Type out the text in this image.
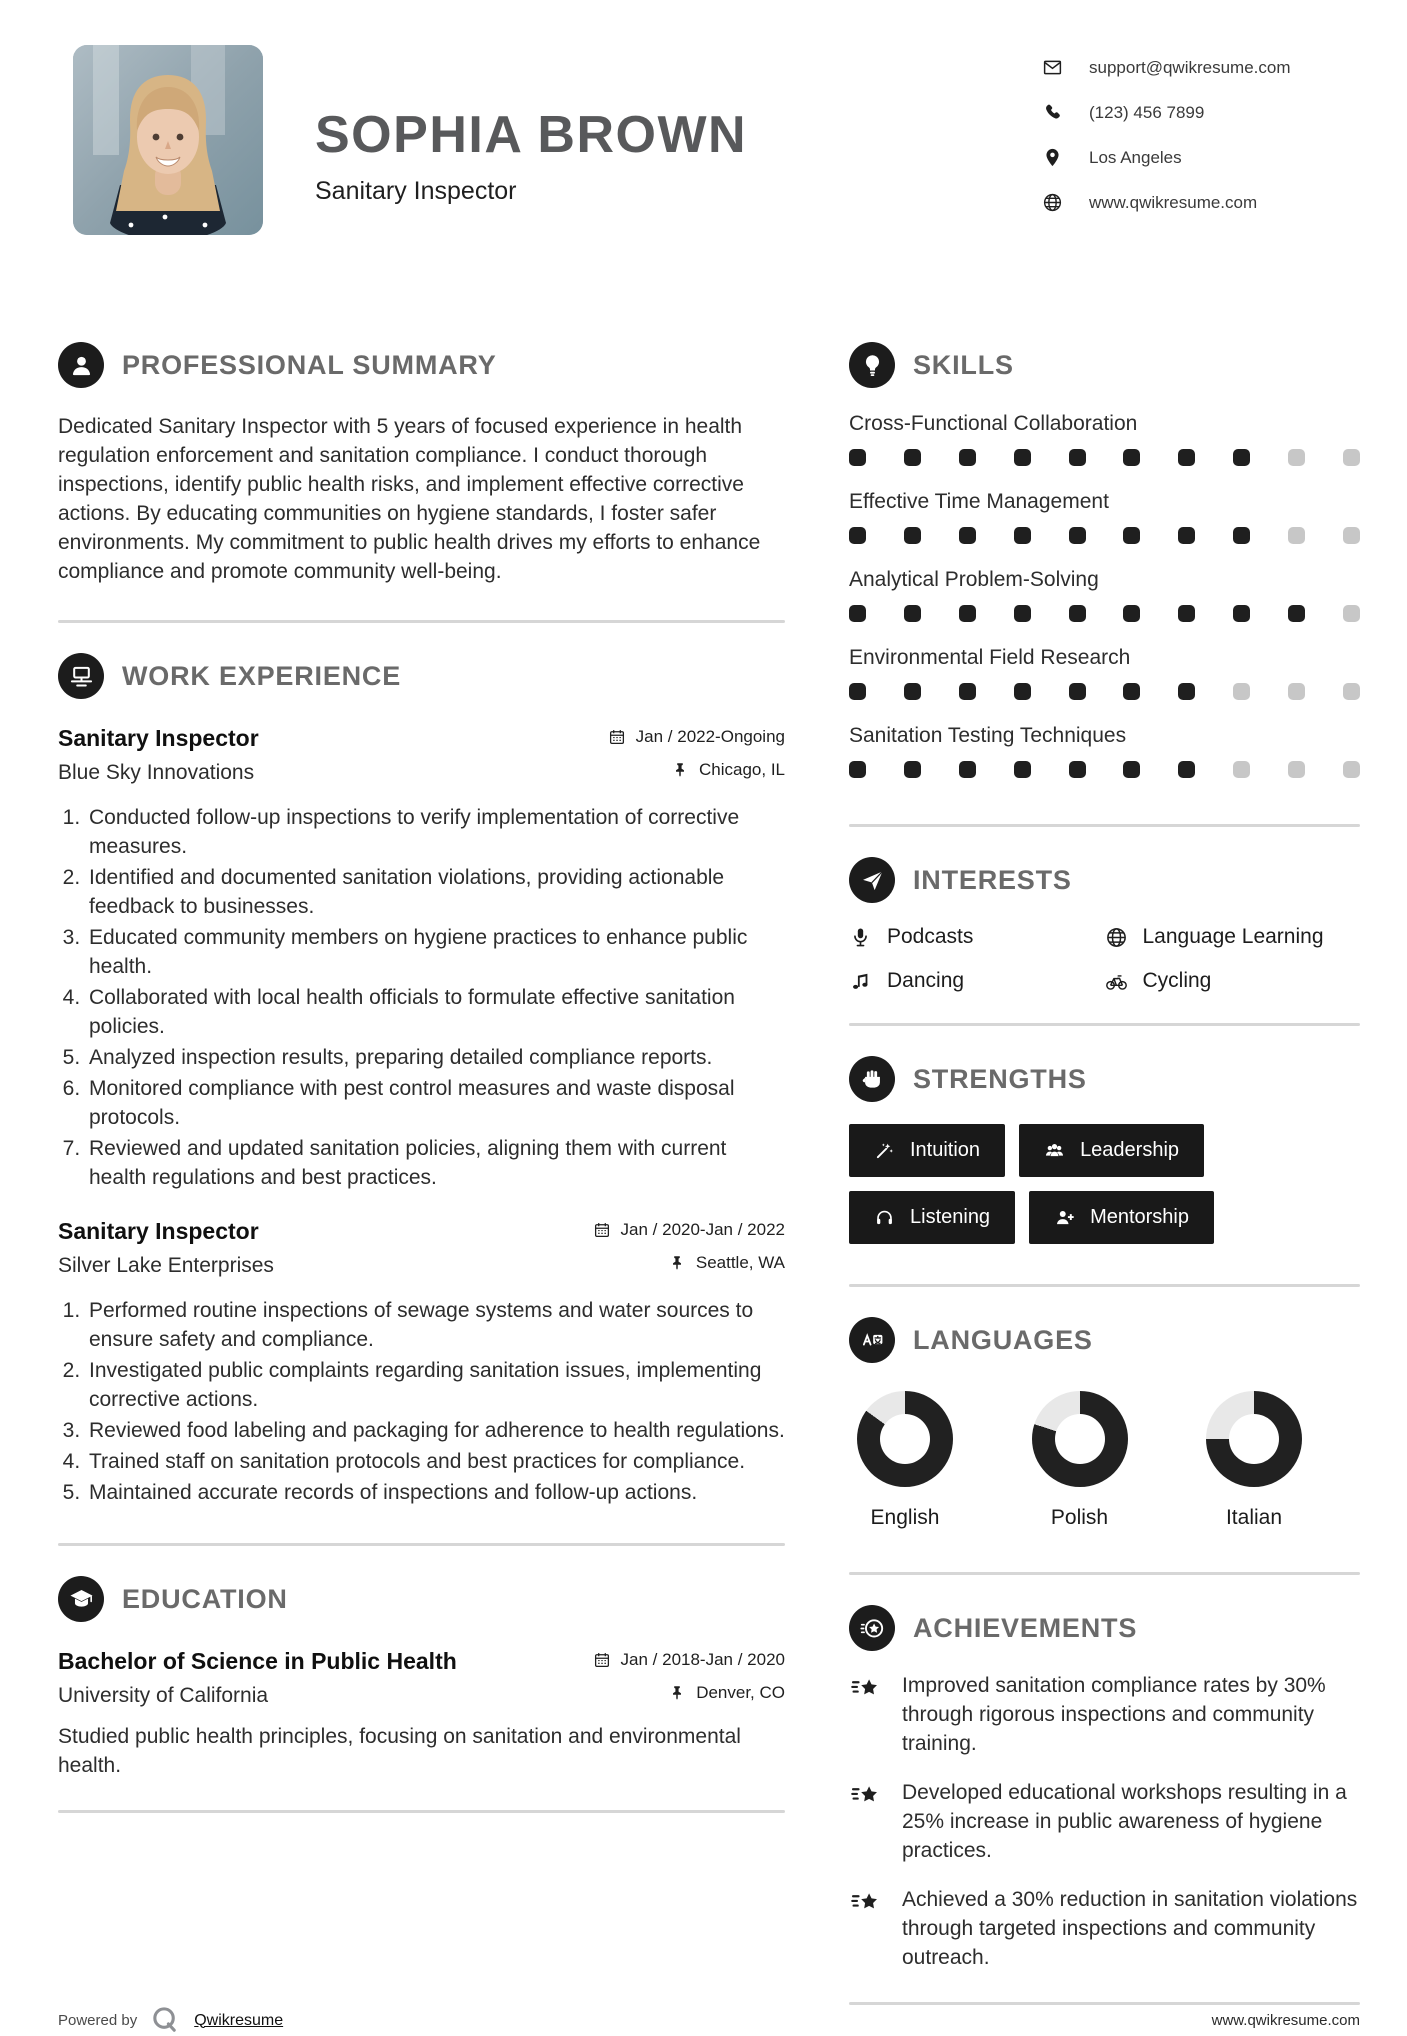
SOPHIA BROWN
Sanitary Inspector
support@qwikresume.com
(123) 456 7899
Los Angeles
www.qwikresume.com
PROFESSIONAL SUMMARY

Dedicated Sanitary Inspector with 5 years of focused experience in health regulation enforcement and sanitation compliance. I conduct thorough inspections, identify public health risks, and implement effective corrective actions. By educating communities on hygiene standards, I foster safer environments. My commitment to public health drives my efforts to enhance compliance and promote community well-being.

WORK EXPERIENCE
Sanitary Inspector	Jan / 2022-Ongoing
Blue Sky Innovations	Chicago, IL
1. Conducted follow-up inspections to verify implementation of corrective measures.
2. Identified and documented sanitation violations, providing actionable feedback to businesses.
3. Educated community members on hygiene practices to enhance public health.
4. Collaborated with local health officials to formulate effective sanitation policies.
5. Analyzed inspection results, preparing detailed compliance reports.
6. Monitored compliance with pest control measures and waste disposal protocols.
7. Reviewed and updated sanitation policies, aligning them with current health regulations and best practices.
Sanitary Inspector	Jan / 2020-Jan / 2022
Silver Lake Enterprises	Seattle, WA
1. Performed routine inspections of sewage systems and water sources to ensure safety and compliance.
2. Investigated public complaints regarding sanitation issues, implementing corrective actions.
3. Reviewed food labeling and packaging for adherence to health regulations.
4. Trained staff on sanitation protocols and best practices for compliance.
5. Maintained accurate records of inspections and follow-up actions.
EDUCATION
Bachelor of Science in Public Health	Jan / 2018-Jan / 2020
University of California	Denver, CO

Studied public health principles, focusing on sanitation and environmental health.

SKILLS
Cross-Functional Collaboration
Effective Time Management
Analytical Problem-Solving
Environmental Field Research
Sanitation Testing Techniques
INTERESTS
Podcasts	Language Learning
Dancing	Cycling
STRENGTHS
Intuition	Leadership
Listening	Mentorship
LANGUAGES
English	Polish	Italian
ACHIEVEMENTS

Improved sanitation compliance rates by 30% through rigorous inspections and community training.

Developed educational workshops resulting in a 25% increase in public awareness of hygiene practices.

Achieved a 30% reduction in sanitation violations through targeted inspections and community outreach.

Powered by	Qwikresume	www.qwikresume.com
